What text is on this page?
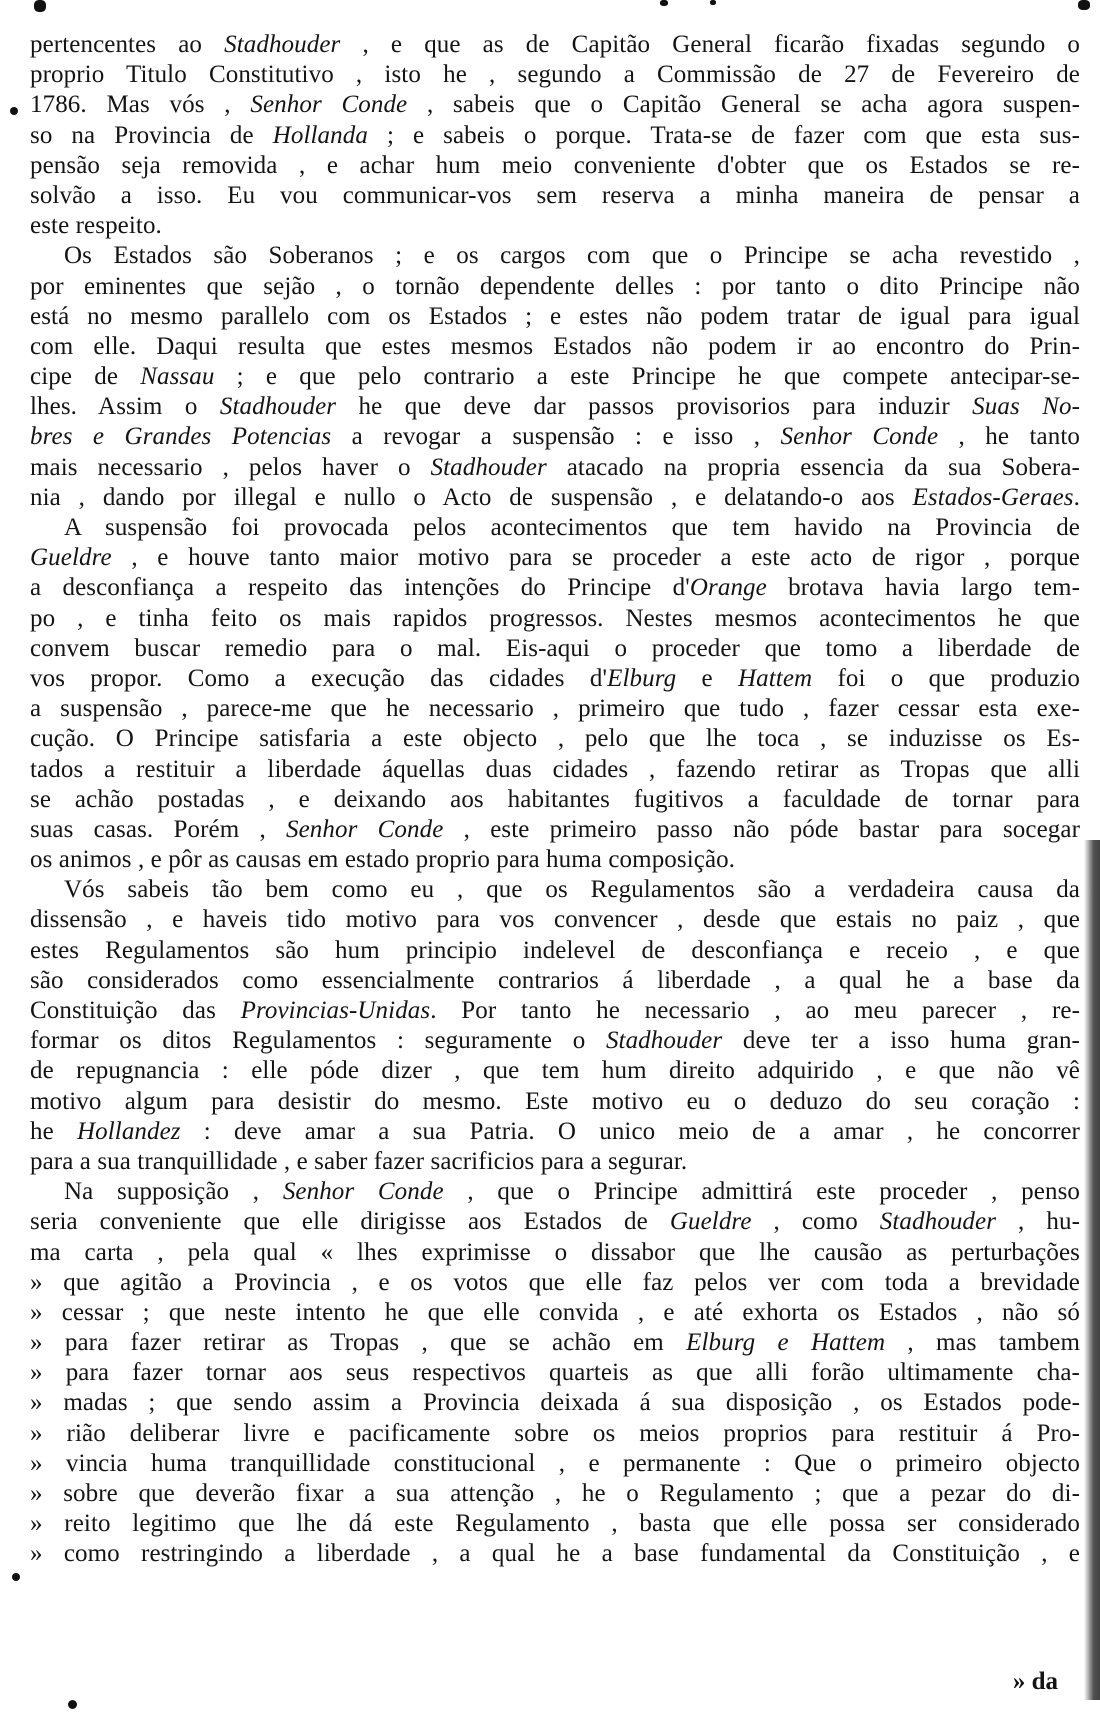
pertencentes ao Stadhouder , e que as de Capitão General ficarão fixadas segundo o
proprio Titulo Constitutivo , isto he , segundo a Commissão de 27 de Fevereiro de
1786. Mas vós , Senhor Conde , sabeis que o Capitão General se acha agora suspen-
so na Provincia de Hollanda ; e sabeis o porque. Trata-se de fazer com que esta sus-
pensão seja removida , e achar hum meio conveniente d'obter que os Estados se re-
solvão a isso. Eu vou communicar-vos sem reserva a minha maneira de pensar a
este respeito.
Os Estados são Soberanos ; e os cargos com que o Principe se acha revestido ,
por eminentes que sejão , o tornão dependente delles : por tanto o dito Principe não
está no mesmo parallelo com os Estados ; e estes não podem tratar de igual para igual
com elle. Daqui resulta que estes mesmos Estados não podem ir ao encontro do Prin-
cipe de Nassau ; e que pelo contrario a este Principe he que compete antecipar-se-
lhes. Assim o Stadhouder he que deve dar passos provisorios para induzir Suas No-
bres e Grandes Potencias a revogar a suspensão : e isso , Senhor Conde , he tanto
mais necessario , pelos haver o Stadhouder atacado na propria essencia da sua Sobera-
nia , dando por illegal e nullo o Acto de suspensão , e delatando-o aos Estados-Geraes.
A suspensão foi provocada pelos acontecimentos que tem havido na Provincia de
Gueldre , e houve tanto maior motivo para se proceder a este acto de rigor , porque
a desconfiança a respeito das intenções do Principe d'Orange brotava havia largo tem-
po , e tinha feito os mais rapidos progressos. Nestes mesmos acontecimentos he que
convem buscar remedio para o mal. Eis-aqui o proceder que tomo a liberdade de
vos propor. Como a execução das cidades d'Elburg e Hattem foi o que produzio
a suspensão , parece-me que he necessario , primeiro que tudo , fazer cessar esta exe-
cução. O Principe satisfaria a este objecto , pelo que lhe toca , se induzisse os Es-
tados a restituir a liberdade áquellas duas cidades , fazendo retirar as Tropas que alli
se achão postadas , e deixando aos habitantes fugitivos a faculdade de tornar para
suas casas. Porém , Senhor Conde , este primeiro passo não póde bastar para socegar
os animos , e pôr as causas em estado proprio para huma composição.
Vós sabeis tão bem como eu , que os Regulamentos são a verdadeira causa da
dissensão , e haveis tido motivo para vos convencer , desde que estais no paiz , que
estes Regulamentos são hum principio indelevel de desconfiança e receio , e que
são considerados como essencialmente contrarios á liberdade , a qual he a base da
Constituição das Provincias-Unidas. Por tanto he necessario , ao meu parecer , re-
formar os ditos Regulamentos : seguramente o Stadhouder deve ter a isso huma gran-
de repugnancia : elle póde dizer , que tem hum direito adquirido , e que não vê
motivo algum para desistir do mesmo. Este motivo eu o deduzo do seu coração :
he Hollandez : deve amar a sua Patria. O unico meio de a amar , he concorrer
para a sua tranquillidade , e saber fazer sacrificios para a segurar.
Na supposição , Senhor Conde , que o Principe admittirá este proceder , penso
seria conveniente que elle dirigisse aos Estados de Gueldre , como Stadhouder , hu-
ma carta , pela qual « lhes exprimisse o dissabor que lhe causão as perturbações
» que agitão a Provincia , e os votos que elle faz pelos ver com toda a brevidade
» cessar ; que neste intento he que elle convida , e até exhorta os Estados , não só
» para fazer retirar as Tropas , que se achão em Elburg e Hattem , mas tambem
» para fazer tornar aos seus respectivos quarteis as que alli forão ultimamente cha-
» madas ; que sendo assim a Provincia deixada á sua disposição , os Estados pode-
» rião deliberar livre e pacificamente sobre os meios proprios para restituir á Pro-
» vincia huma tranquillidade constitucional , e permanente : Que o primeiro objecto
» sobre que deverão fixar a sua attenção , he o Regulamento ; que a pezar do di-
» reito legitimo que lhe dá este Regulamento , basta que elle possa ser considerado
» como restringindo a liberdade , a qual he a base fundamental da Constituição , e
» da
